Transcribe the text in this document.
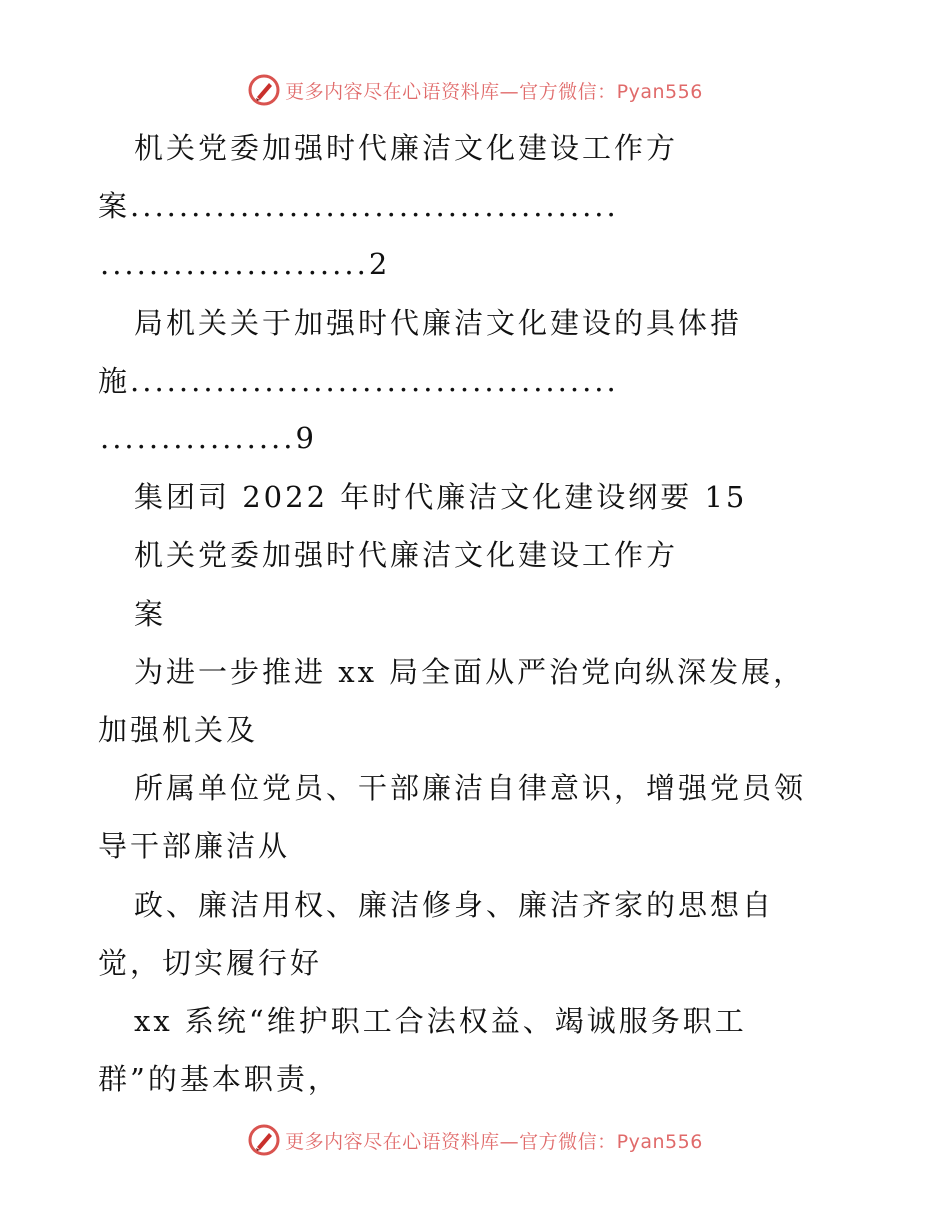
更多内容尽在心语资料库—官方微信：Pyan556
机关党委加强时代廉洁文化建设工作方
案........................................
......................2
局机关关于加强时代廉洁文化建设的具体措
施........................................
................9
集团司 2022 年时代廉洁文化建设纲要 15
机关党委加强时代廉洁文化建设工作方
案
为进一步推进 xx 局全面从严治党向纵深发展，
加强机关及
所属单位党员、干部廉洁自律意识，增强党员领
导干部廉洁从
政、廉洁用权、廉洁修身、廉洁齐家的思想自
觉，切实履行好
xx 系统“维护职工合法权益、竭诚服务职工
群”的基本职责，
更多内容尽在心语资料库—官方微信：Pyan556
